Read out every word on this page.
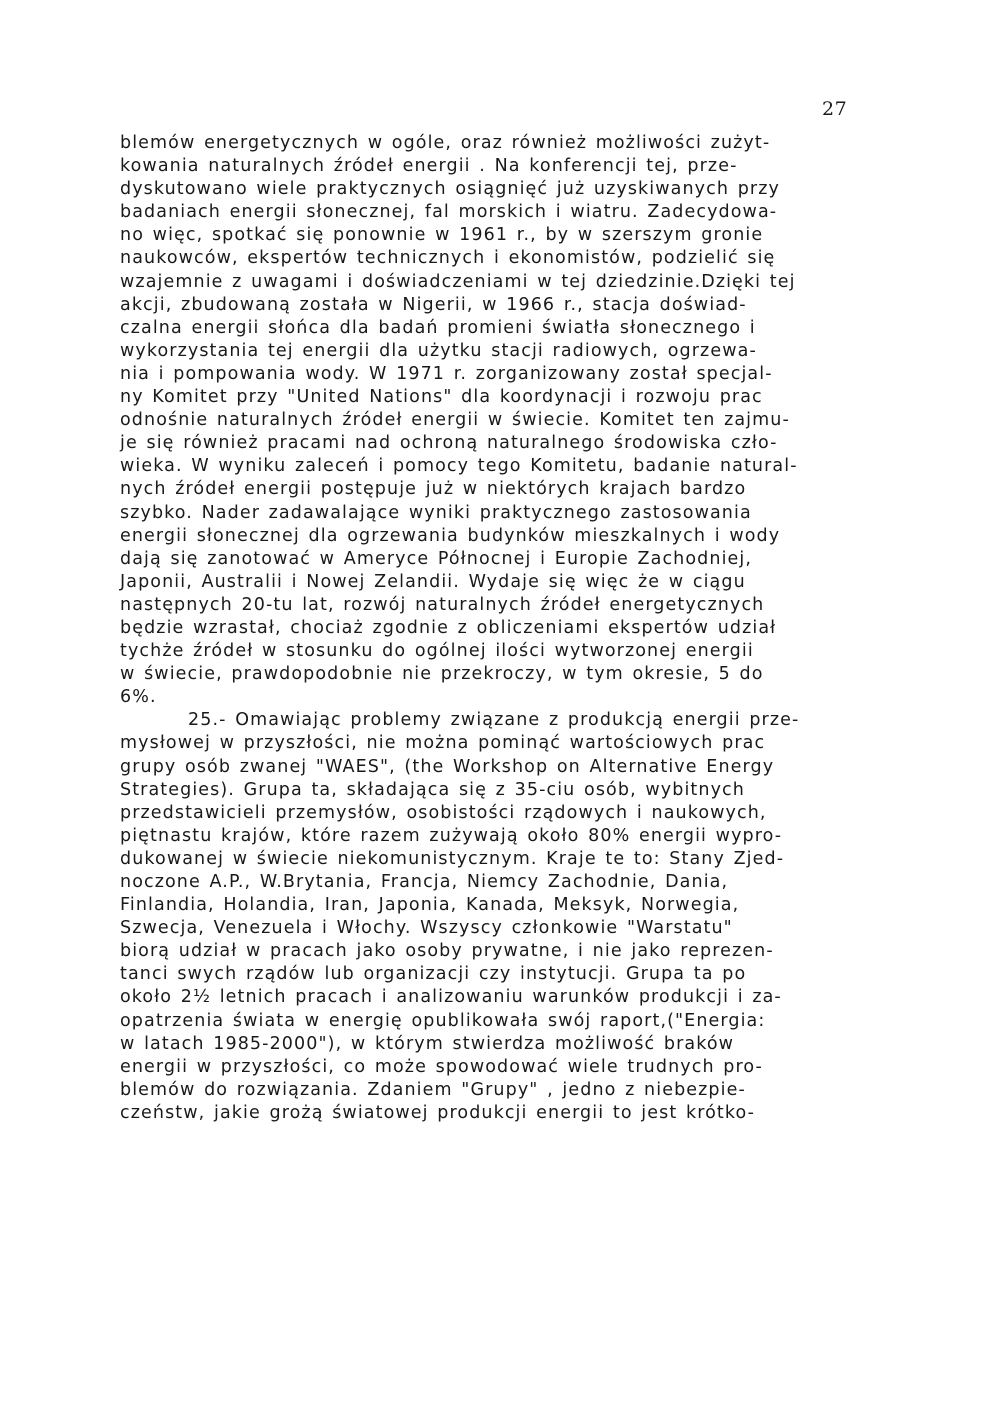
27
blemów energetycznych w ogóle, oraz również możliwości zużyt-
kowania naturalnych źródeł energii . Na konferencji tej, prze-
dyskutowano wiele praktycznych osiągnięć już uzyskiwanych przy
badaniach energii słonecznej, fal morskich i wiatru. Zadecydowa-
no więc, spotkać się ponownie w 1961 r., by w szerszym gronie
naukowców, ekspertów technicznych i ekonomistów, podzielić się
wzajemnie z uwagami i doświadczeniami w tej dziedzinie.Dzięki tej
akcji, zbudowaną została w Nigerii, w 1966 r., stacja doświad-
czalna energii słońca dla badań promieni światła słonecznego i
wykorzystania tej energii dla użytku stacji radiowych, ogrzewa-
nia i pompowania wody. W 1971 r. zorganizowany został specjal-
ny Komitet przy "United Nations" dla koordynacji i rozwoju prac
odnośnie naturalnych źródeł energii w świecie. Komitet ten zajmu-
je się również pracami nad ochroną naturalnego środowiska czło-
wieka. W wyniku zaleceń i pomocy tego Komitetu, badanie natural-
nych źródeł energii postępuje już w niektórych krajach bardzo
szybko. Nader zadawalające wyniki praktycznego zastosowania
energii słonecznej dla ogrzewania budynków mieszkalnych i wody
dają się zanotować w Ameryce Północnej i Europie Zachodniej,
Japonii, Australii i Nowej Zelandii. Wydaje się więc że w ciągu
następnych 20-tu lat, rozwój naturalnych źródeł energetycznych
będzie wzrastał, chociaż zgodnie z obliczeniami ekspertów udział
tychże źródeł w stosunku do ogólnej ilości wytworzonej energii
w świecie, prawdopodobnie nie przekroczy, w tym okresie, 5 do
6%.
25.- Omawiając problemy związane z produkcją energii prze-
mysłowej w przyszłości, nie można pominąć wartościowych prac
grupy osób zwanej "WAES", (the Workshop on Alternative Energy
Strategies). Grupa ta, składająca się z 35-ciu osób, wybitnych
przedstawicieli przemysłów, osobistości rządowych i naukowych,
piętnastu krajów, które razem zużywają około 80% energii wypro-
dukowanej w świecie niekomunistycznym. Kraje te to: Stany Zjed-
noczone A.P., W.Brytania, Francja, Niemcy Zachodnie, Dania,
Finlandia, Holandia, Iran, Japonia, Kanada, Meksyk, Norwegia,
Szwecja, Venezuela i Włochy. Wszyscy członkowie "Warstatu"
biorą udział w pracach jako osoby prywatne, i nie jako reprezen-
tanci swych rządów lub organizacji czy instytucji. Grupa ta po
około 2½ letnich pracach i analizowaniu warunków produkcji i za-
opatrzenia świata w energię opublikowała swój raport,("Energia:
w latach 1985-2000"), w którym stwierdza możliwość braków
energii w przyszłości, co może spowodować wiele trudnych pro-
blemów do rozwiązania. Zdaniem "Grupy" , jedno z niebezpie-
czeństw, jakie grożą światowej produkcji energii to jest krótko-
